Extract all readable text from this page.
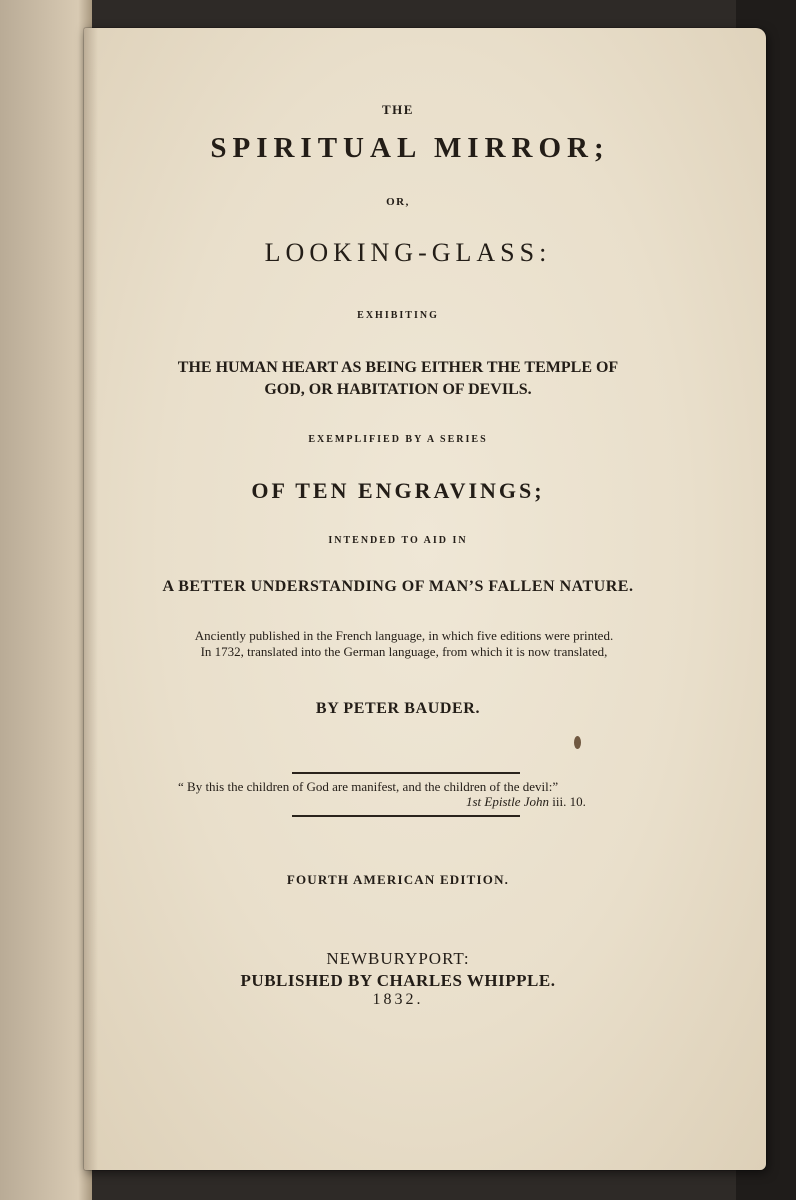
THE
SPIRITUAL MIRROR;
OR,
LOOKING-GLASS:
EXHIBITING
THE HUMAN HEART AS BEING EITHER THE TEMPLE OF
GOD, OR HABITATION OF DEVILS.
EXEMPLIFIED BY A SERIES
OF TEN ENGRAVINGS;
INTENDED TO AID IN
A BETTER UNDERSTANDING OF MAN’S FALLEN NATURE.
Anciently published in the French language, in which five editions were printed.
In 1732, translated into the German language, from which it is now translated,
BY PETER BAUDER.
“ By this the children of God are manifest, and the children of the devil:”
1st Epistle John iii. 10.
FOURTH AMERICAN EDITION.
NEWBURYPORT:
PUBLISHED BY CHARLES WHIPPLE.
1832.
